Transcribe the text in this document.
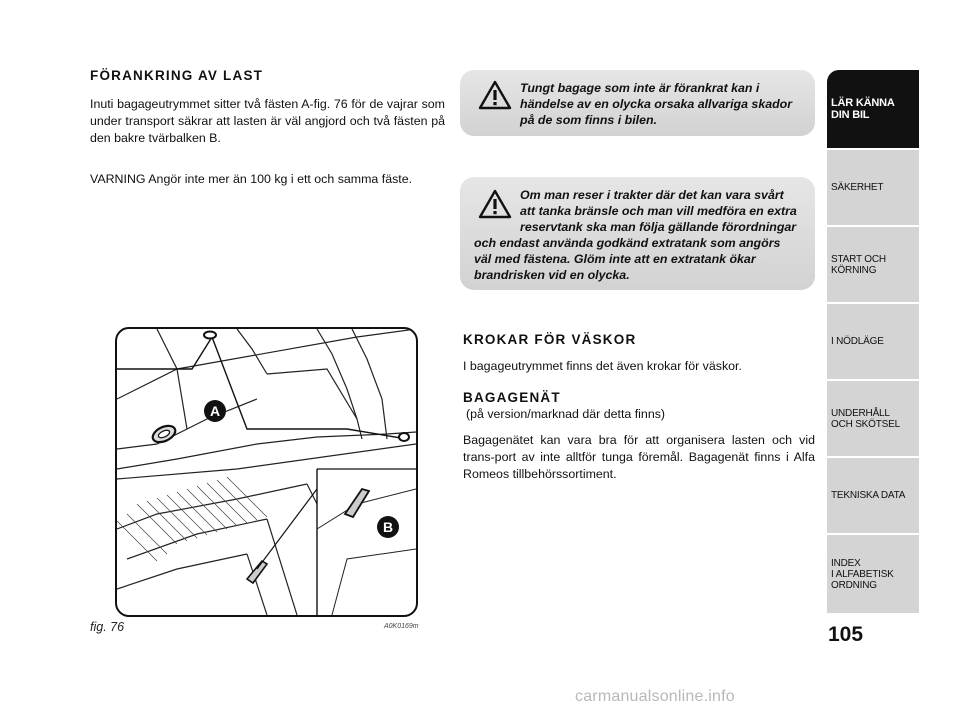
FÖRANKRING AV LAST

Inuti bagageutrymmet sitter två fästen A-fig. 76 för de vajrar som under transport säkrar att lasten är väl angjord och två fästen på den bakre tvärbalken B.

VARNING Angör inte mer än 100 kg i ett och samma fäste.

Tungt bagage som inte är förankrat kan i händelse av en olycka orsaka allvariga skador på de som finns i bilen.

Om man reser i trakter där det kan vara svårt att tanka bränsle och man vill medföra en extra reservtank ska man följa gällande förordningar och endast använda godkänd extratank som angörs väl med fästena. Glöm inte att en extratank ökar brandrisken vid en olycka.

KROKAR FÖR VÄSKOR

I bagageutrymmet finns det även krokar för väskor.

BAGAGENÄT

(på version/marknad där detta finns)

Bagagenätet kan vara bra för att organisera lasten och vid trans-port av inte alltför tunga föremål. Bagagenät finns i Alfa Romeos tillbehörssortiment.

A
B

fig. 76	A0K0169m

LÄR KÄNNA
DIN BIL
SÄKERHET
START OCH
KÖRNING
I NÖDLÄGE
UNDERHÅLL
OCH SKÖTSEL
TEKNISKA DATA
INDEX
I ALFABETISK
ORDNING

105

carmanualsonline.info
